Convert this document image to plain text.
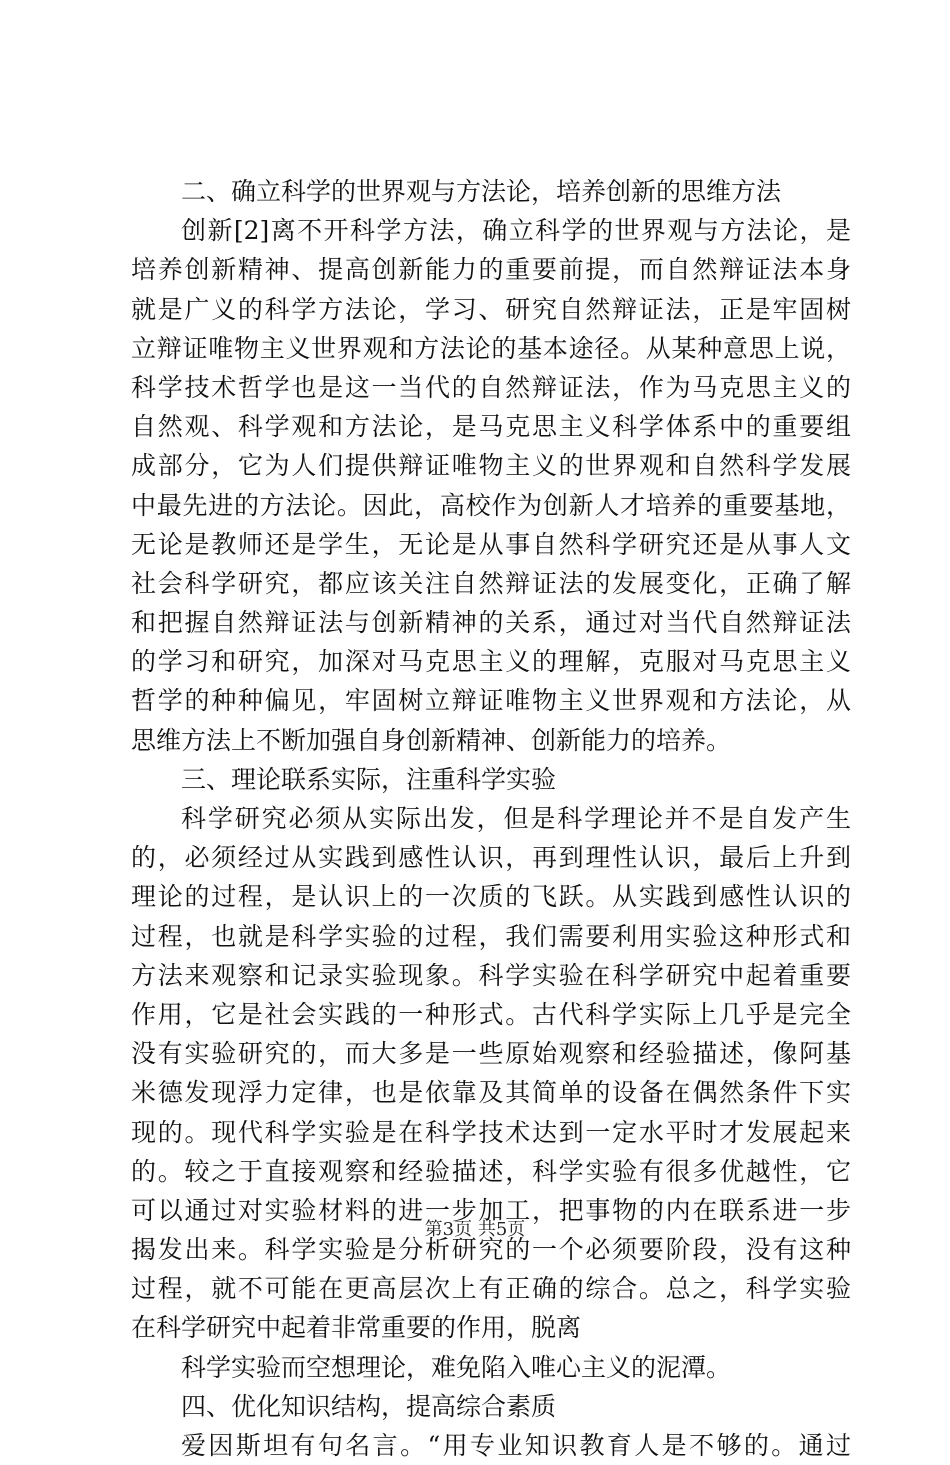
二、确立科学的世界观与方法论，培养创新的思维方法
创新[2]离不开科学方法，确立科学的世界观与方法论，是
培养创新精神、提高创新能力的重要前提，而自然辩证法本身
就是广义的科学方法论，学习、研究自然辩证法，正是牢固树
立辩证唯物主义世界观和方法论的基本途径。从某种意思上说，
科学技术哲学也是这一当代的自然辩证法，作为马克思主义的
自然观、科学观和方法论，是马克思主义科学体系中的重要组
成部分，它为人们提供辩证唯物主义的世界观和自然科学发展
中最先进的方法论。因此，高校作为创新人才培养的重要基地，
无论是教师还是学生，无论是从事自然科学研究还是从事人文
社会科学研究，都应该关注自然辩证法的发展变化，正确了解
和把握自然辩证法与创新精神的关系，通过对当代自然辩证法
的学习和研究，加深对马克思主义的理解，克服对马克思主义
哲学的种种偏见，牢固树立辩证唯物主义世界观和方法论，从
思维方法上不断加强自身创新精神、创新能力的培养。
三、理论联系实际，注重科学实验
科学研究必须从实际出发，但是科学理论并不是自发产生
的，必须经过从实践到感性认识，再到理性认识，最后上升到
理论的过程，是认识上的一次质的飞跃。从实践到感性认识的
过程，也就是科学实验的过程，我们需要利用实验这种形式和
方法来观察和记录实验现象。科学实验在科学研究中起着重要
作用，它是社会实践的一种形式。古代科学实际上几乎是完全
没有实验研究的，而大多是一些原始观察和经验描述，像阿基
米德发现浮力定律，也是依靠及其简单的设备在偶然条件下实
现的。现代科学实验是在科学技术达到一定水平时才发展起来
的。较之于直接观察和经验描述，科学实验有很多优越性，它
可以通过对实验材料的进一步加工，把事物的内在联系进一步
揭发出来。科学实验是分析研究的一个必须要阶段，没有这种
过程，就不可能在更高层次上有正确的综合。总之，科学实验
在科学研究中起着非常重要的作用，脱离
科学实验而空想理论，难免陷入唯心主义的泥潭。
四、优化知识结构，提高综合素质
爱因斯坦有句名言。“用专业知识教育人是不够的。通过
第3页 共5页
